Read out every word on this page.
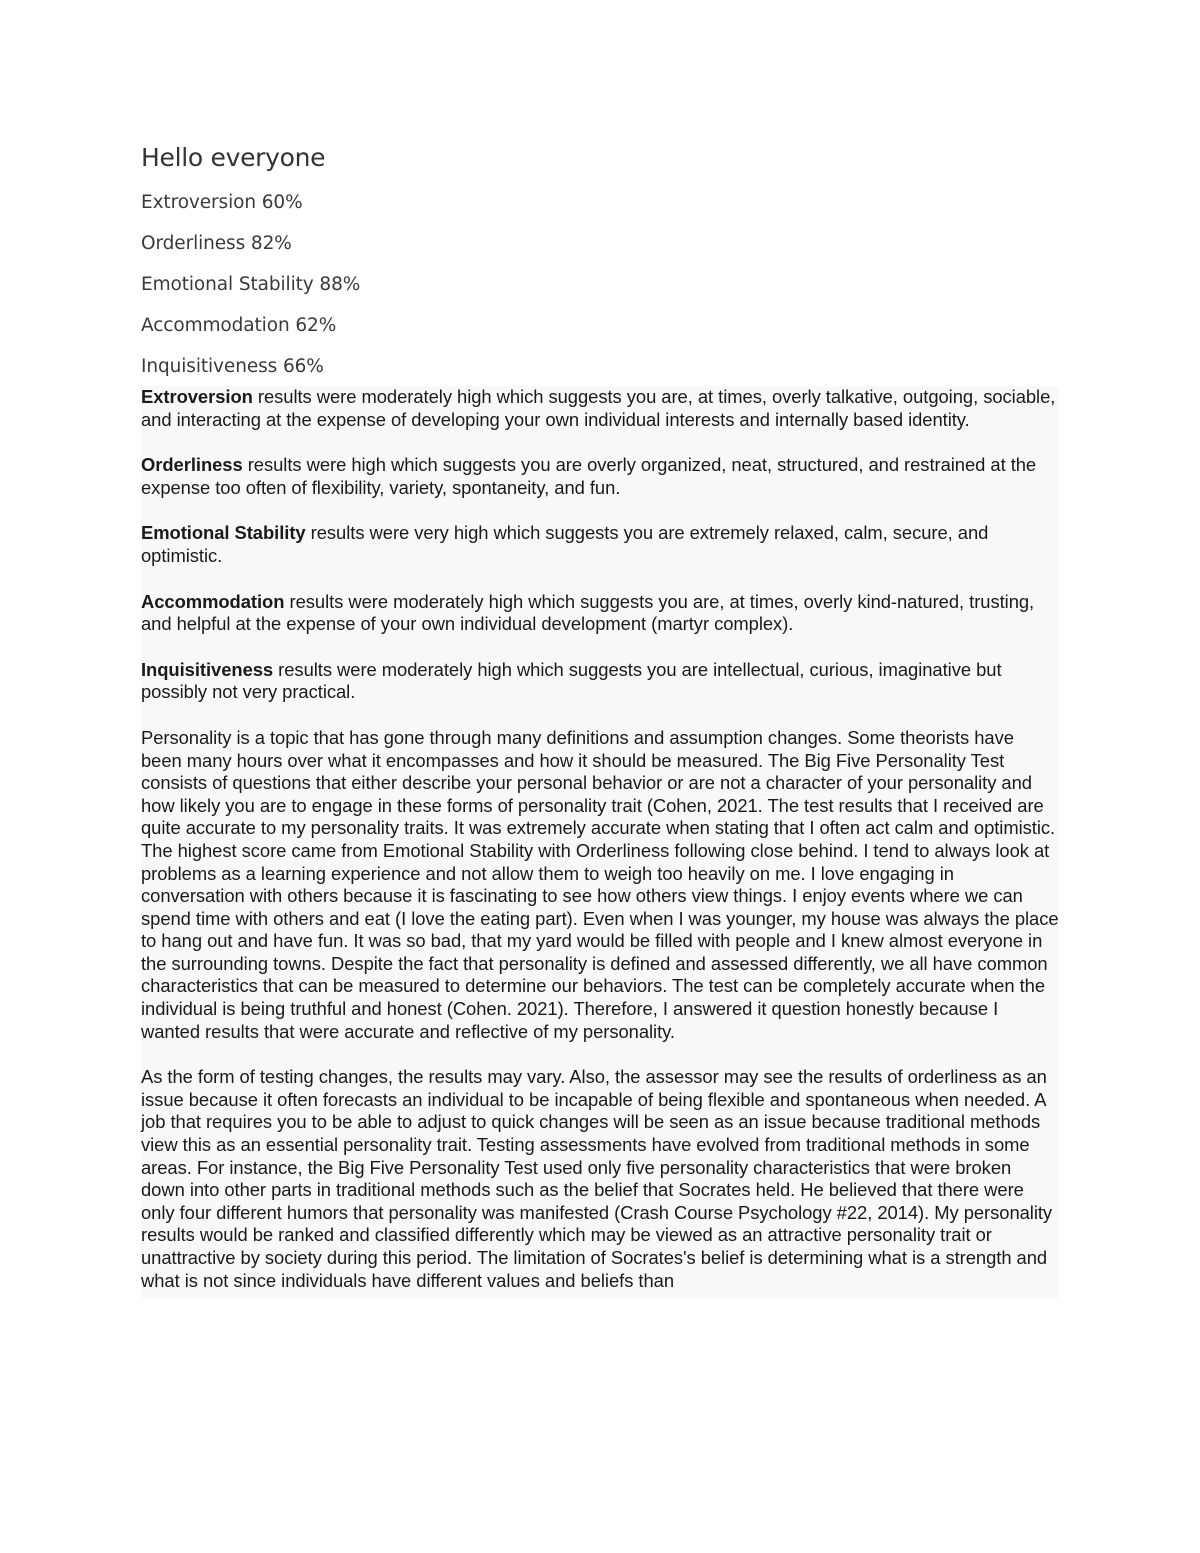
Hello everyone
Extroversion 60%
Orderliness 82%
Emotional Stability 88%
Accommodation 62%
Inquisitiveness 66%

Extroversion results were moderately high which suggests you are, at times, overly talkative, outgoing, sociable, and interacting at the expense of developing your own individual interests and internally based identity.

Orderliness results were high which suggests you are overly organized, neat, structured, and restrained at the expense too often of flexibility, variety, spontaneity, and fun.

Emotional Stability results were very high which suggests you are extremely relaxed, calm, secure, and optimistic.

Accommodation results were moderately high which suggests you are, at times, overly kind-natured, trusting, and helpful at the expense of your own individual development (martyr complex).

Inquisitiveness results were moderately high which suggests you are intellectual, curious, imaginative but possibly not very practical.

Personality is a topic that has gone through many definitions and assumption changes. Some theorists have been many hours over what it encompasses and how it should be measured. The Big Five Personality Test consists of questions that either describe your personal behavior or are not a character of your personality and how likely you are to engage in these forms of personality trait (Cohen, 2021. The test results that I received are quite accurate to my personality traits. It was extremely accurate when stating that I often act calm and optimistic. The highest score came from Emotional Stability with Orderliness following close behind. I tend to always look at problems as a learning experience and not allow them to weigh too heavily on me. I love engaging in conversation with others because it is fascinating to see how others view things. I enjoy events where we can spend time with others and eat (I love the eating part). Even when I was younger, my house was always the place to hang out and have fun. It was so bad, that my yard would be filled with people and I knew almost everyone in the surrounding towns. Despite the fact that personality is defined and assessed differently, we all have common characteristics that can be measured to determine our behaviors. The test can be completely accurate when the individual is being truthful and honest (Cohen. 2021). Therefore, I answered it question honestly because I wanted results that were accurate and reflective of my personality.

As the form of testing changes, the results may vary. Also, the assessor may see the results of orderliness as an issue because it often forecasts an individual to be incapable of being flexible and spontaneous when needed. A job that requires you to be able to adjust to quick changes will be seen as an issue because traditional methods view this as an essential personality trait. Testing assessments have evolved from traditional methods in some areas. For instance, the Big Five Personality Test used only five personality characteristics that were broken down into other parts in traditional methods such as the belief that Socrates held. He believed that there were only four different humors that personality was manifested (Crash Course Psychology #22, 2014). My personality results would be ranked and classified differently which may be viewed as an attractive personality trait or unattractive by society during this period. The limitation of Socrates's belief is determining what is a strength and what is not since individuals have different values and beliefs than
